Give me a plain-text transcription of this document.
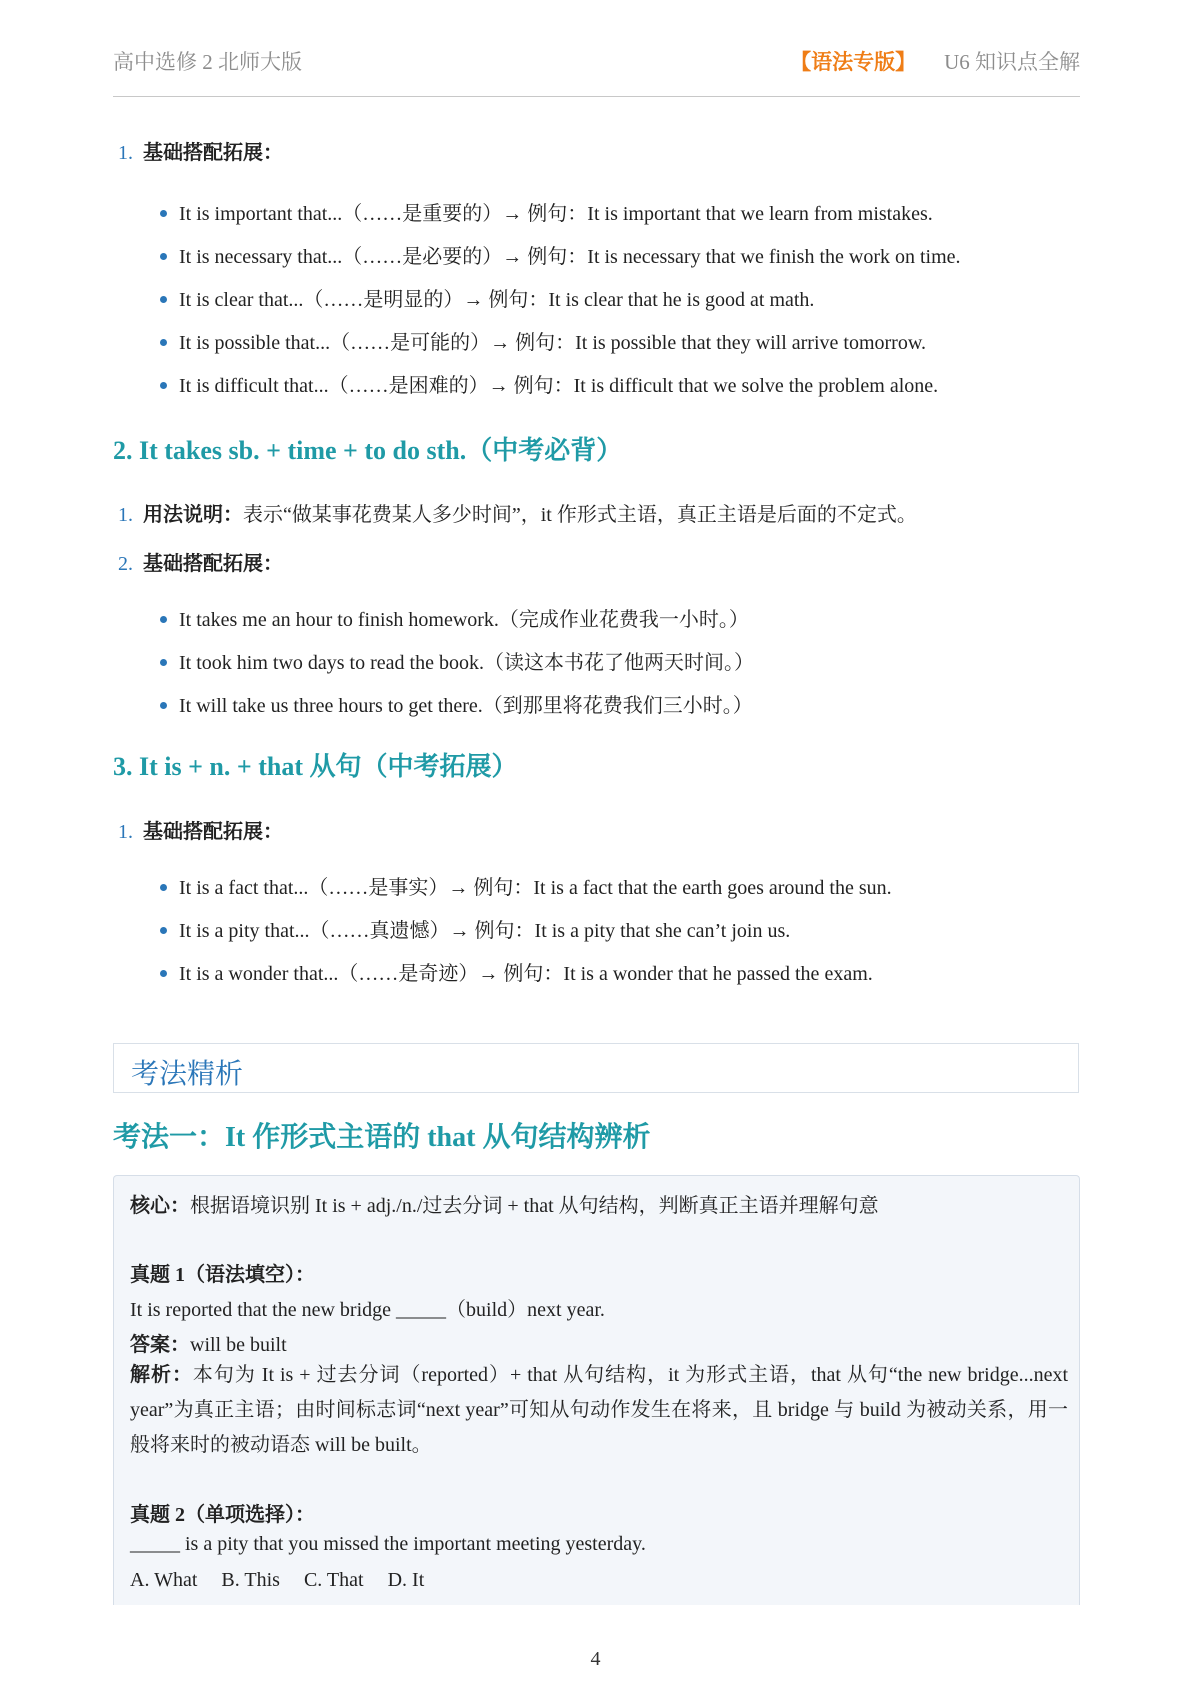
高中选修 2 北师大版	【语法专版】 U6 知识点全解
1. 基础搭配拓展：
It is important that...（……是重要的）→ 例句：It is important that we learn from mistakes.
It is necessary that...（……是必要的）→ 例句：It is necessary that we finish the work on time.
It is clear that...（……是明显的）→ 例句：It is clear that he is good at math.
It is possible that...（……是可能的）→ 例句：It is possible that they will arrive tomorrow.
It is difficult that...（……是困难的）→ 例句：It is difficult that we solve the problem alone.
2. It takes sb. + time + to do sth.（中考必背）
1. 用法说明：表示“做某事花费某人多少时间”，it 作形式主语，真正主语是后面的不定式。
2. 基础搭配拓展：
It takes me an hour to finish homework.（完成作业花费我一小时。）
It took him two days to read the book.（读这本书花了他两天时间。）
It will take us three hours to get there.（到那里将花费我们三小时。）
3. It is + n. + that 从句（中考拓展）
1. 基础搭配拓展：
It is a fact that...（……是事实）→ 例句：It is a fact that the earth goes around the sun.
It is a pity that...（……真遗憾）→ 例句：It is a pity that she can’t join us.
It is a wonder that...（……是奇迹）→ 例句：It is a wonder that he passed the exam.
考法精析
考法一：It 作形式主语的 that 从句结构辨析
核心：根据语境识别 It is + adj./n./过去分词 + that 从句结构，判断真正主语并理解句意
真题 1（语法填空）：
It is reported that the new bridge _____（build）next year.
答案：will be built
解析：本句为 It is + 过去分词（reported）+ that 从句结构，it 为形式主语，that 从句“the new bridge...next year”为真正主语；由时间标志词“next year”可知从句动作发生在将来，且 bridge 与 build 为被动关系，用一般将来时的被动语态 will be built。
真题 2（单项选择）：
_____ is a pity that you missed the important meeting yesterday.
A. What B. This C. That D. It
4
